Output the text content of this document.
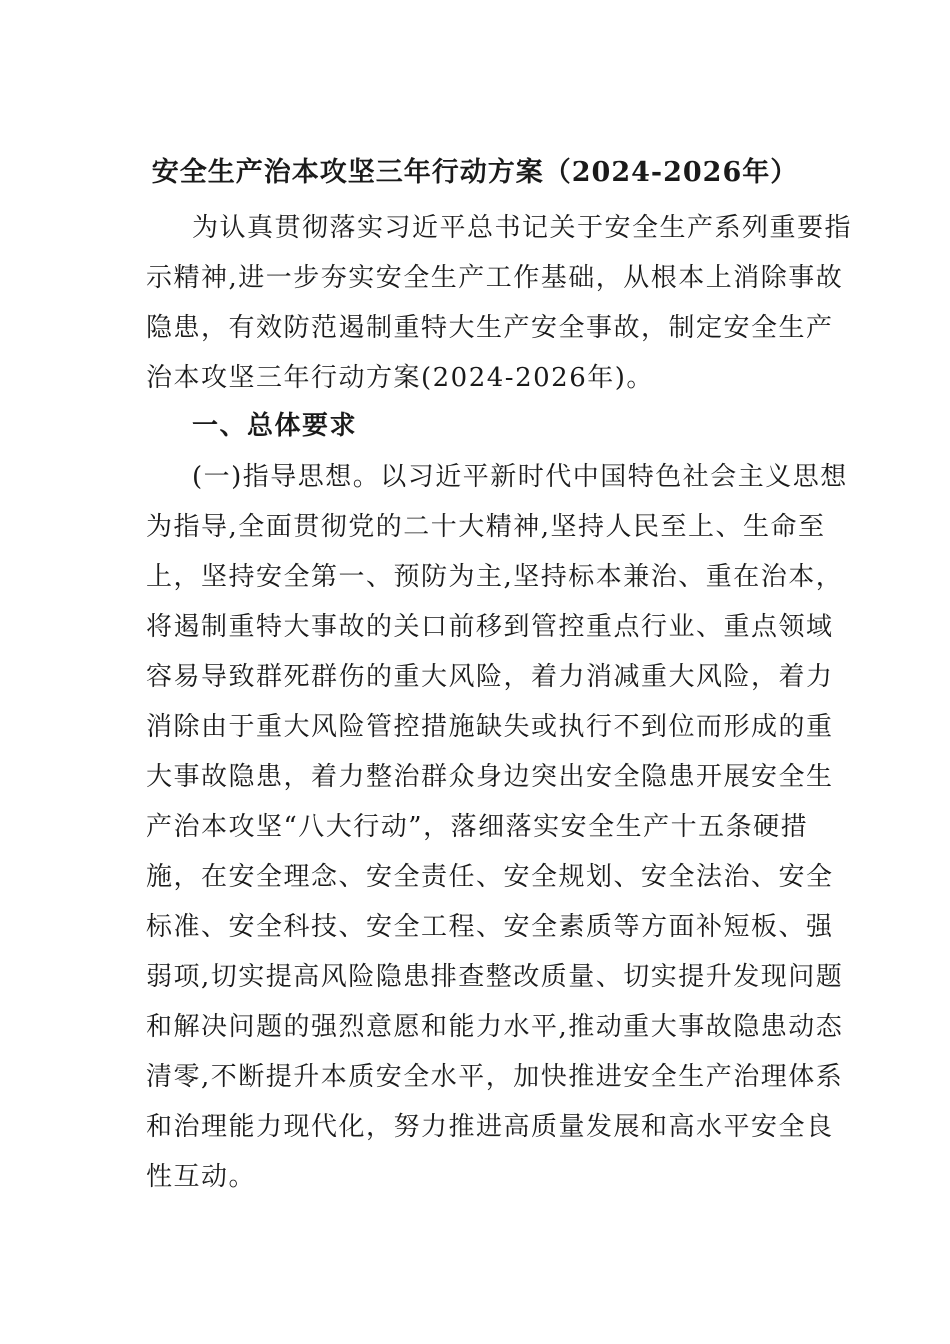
安全生产治本攻坚三年行动方案（2024-2026年）

为认真贯彻落实习近平总书记关于安全生产系列重要指
示精神,进一步夯实安全生产工作基础，从根本上消除事故
隐患，有效防范遏制重特大生产安全事故，制定安全生产
治本攻坚三年行动方案(2024-2026年)。

一、总体要求

(一)指导思想。以习近平新时代中国特色社会主义思想
为指导,全面贯彻党的二十大精神,坚持人民至上、生命至
上，坚持安全第一、预防为主,坚持标本兼治、重在治本，
将遏制重特大事故的关口前移到管控重点行业、重点领域
容易导致群死群伤的重大风险，着力消减重大风险，着力
消除由于重大风险管控措施缺失或执行不到位而形成的重
大事故隐患，着力整治群众身边突出安全隐患开展安全生
产治本攻坚“八大行动”，落细落实安全生产十五条硬措
施，在安全理念、安全责任、安全规划、安全法治、安全
标准、安全科技、安全工程、安全素质等方面补短板、强
弱项,切实提高风险隐患排查整改质量、切实提升发现问题
和解决问题的强烈意愿和能力水平,推动重大事故隐患动态
清零,不断提升本质安全水平，加快推进安全生产治理体系
和治理能力现代化，努力推进高质量发展和高水平安全良
性互动。
